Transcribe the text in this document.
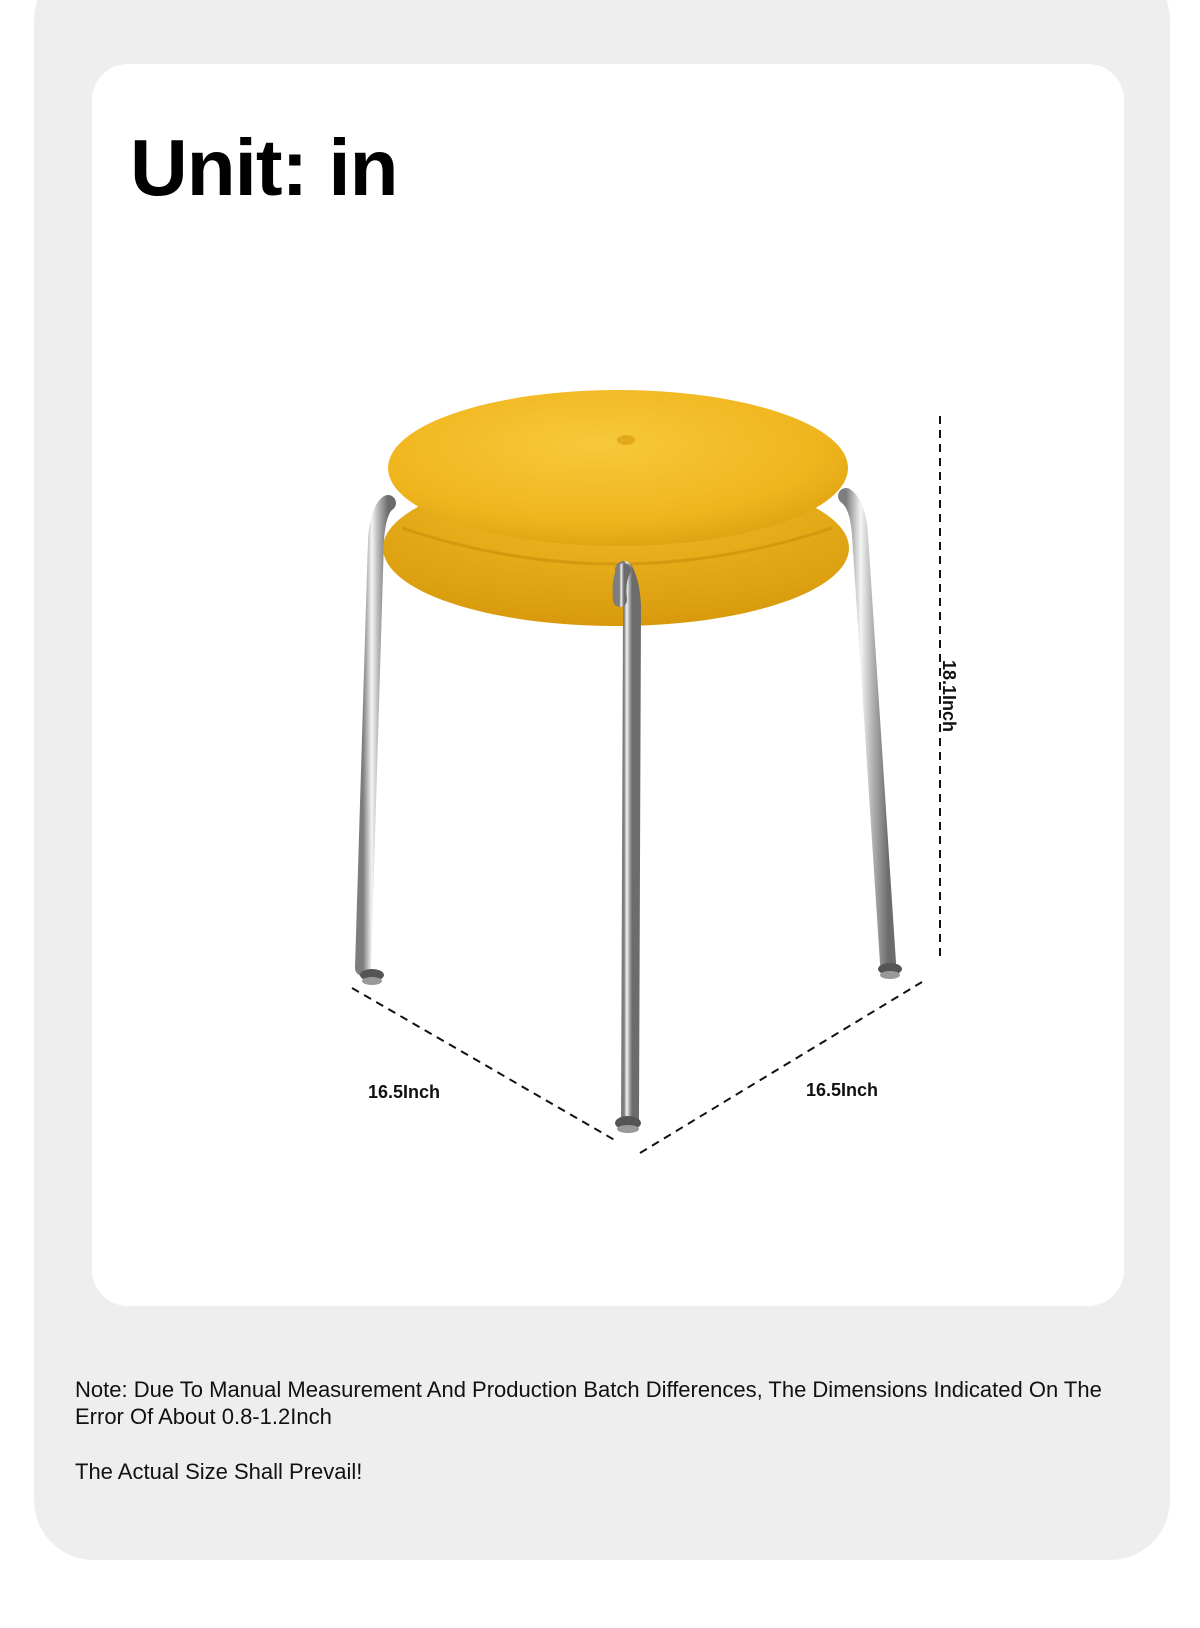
Unit: in
16.5Inch	16.5Inch
18.1Inch

Note: Due To Manual Measurement And Production Batch Differences, The Dimensions Indicated On The

Error Of About 0.8-1.2Inch

The Actual Size Shall Prevail!
